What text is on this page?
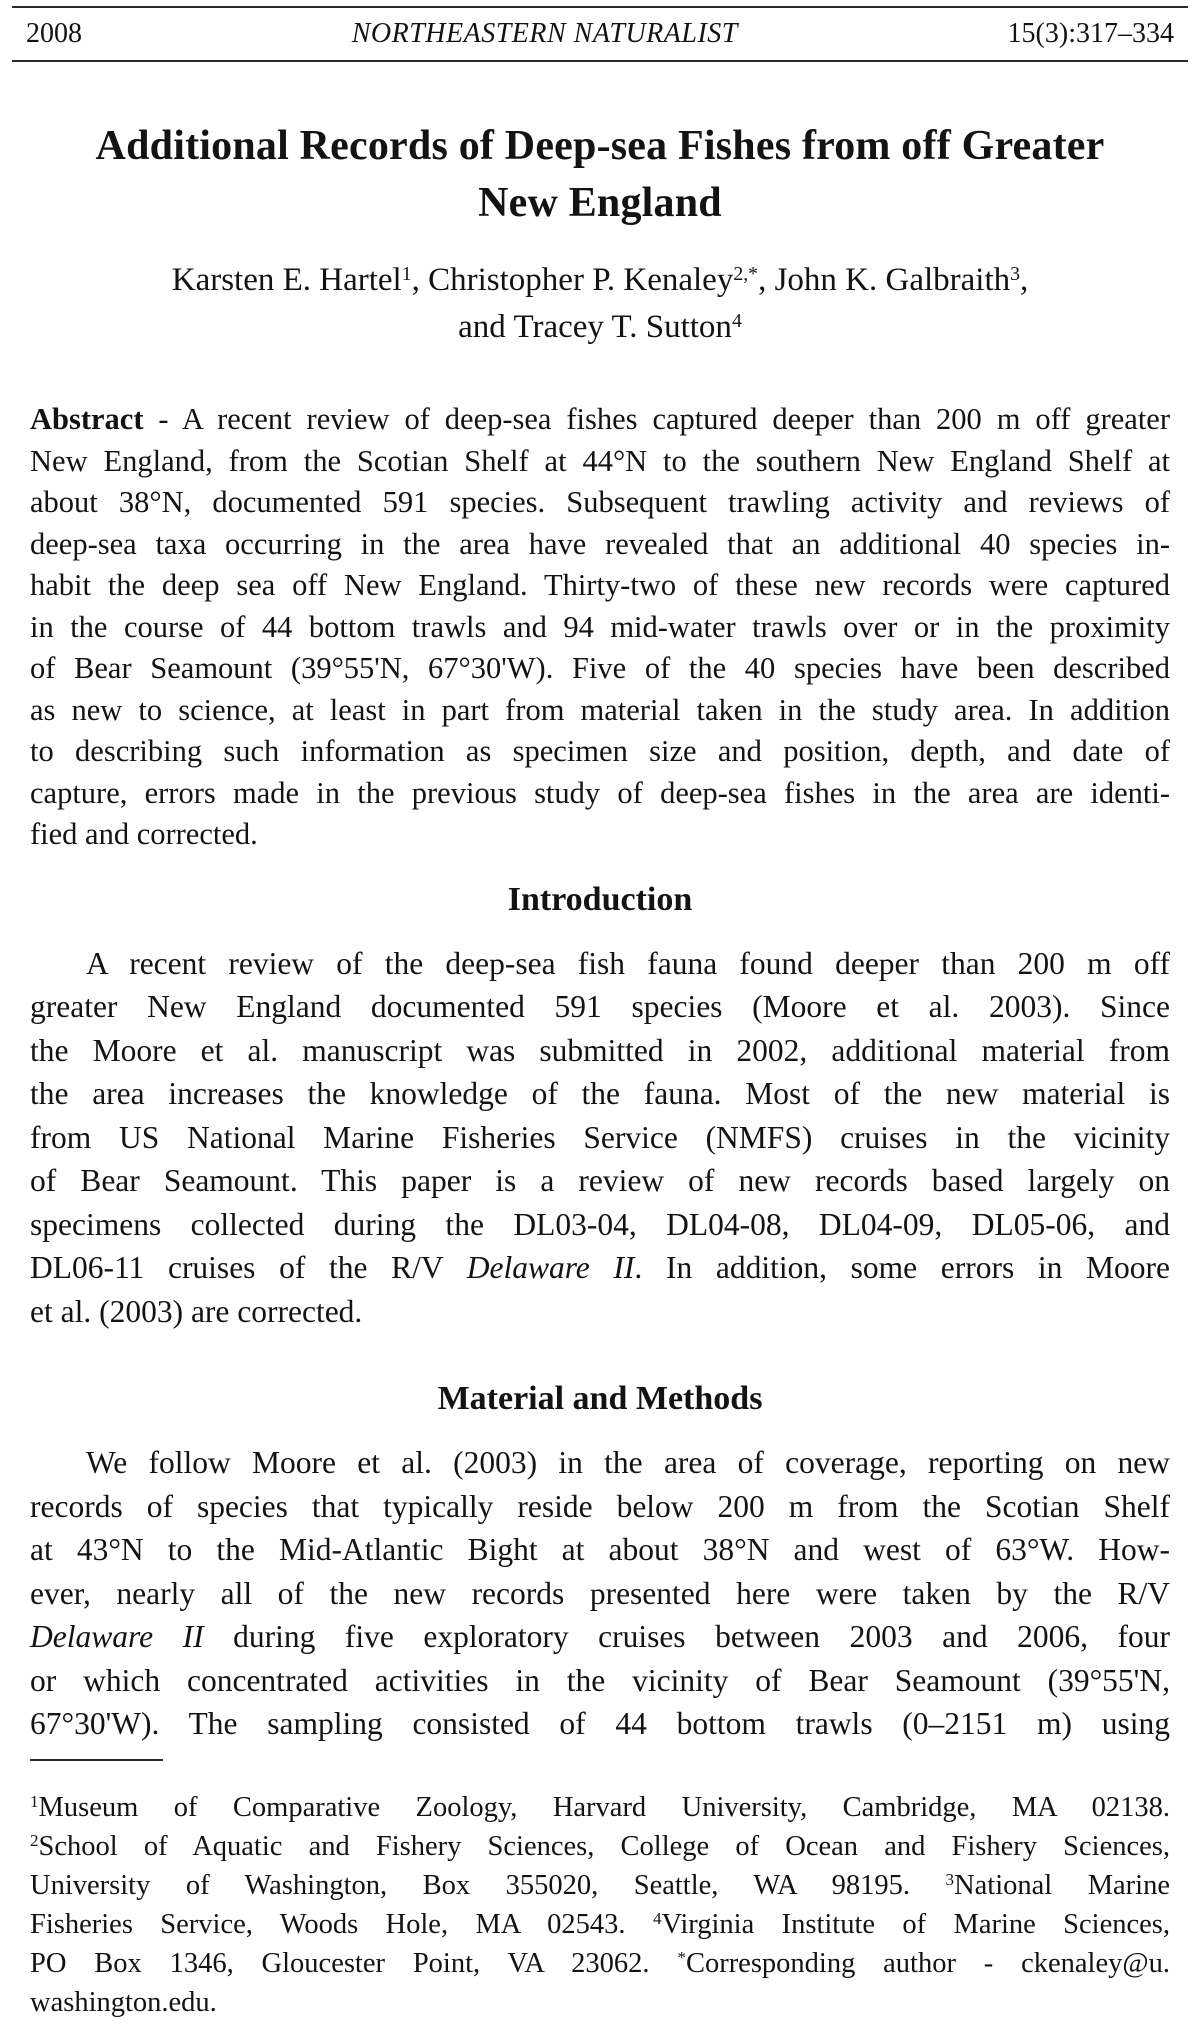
2008	NORTHEASTERN NATURALIST	15(3):317–334
Additional Records of Deep-sea Fishes from off Greater
New England
Karsten E. Hartel$^1$, Christopher P. Kenaley$^{2,*}$, John K. Galbraith$^3$,
and Tracey T. Sutton$^4$
Abstract - A recent review of deep-sea fishes captured deeper than 200 m off greater
New England, from the Scotian Shelf at 44°N to the southern New England Shelf at
about 38°N, documented 591 species. Subsequent trawling activity and reviews of
deep-sea taxa occurring in the area have revealed that an additional 40 species in-
habit the deep sea off New England. Thirty-two of these new records were captured
in the course of 44 bottom trawls and 94 mid-water trawls over or in the proximity
of Bear Seamount (39°55'N, 67°30'W). Five of the 40 species have been described
as new to science, at least in part from material taken in the study area. In addition
to describing such information as specimen size and position, depth, and date of
capture, errors made in the previous study of deep-sea fishes in the area are identi-
fied and corrected.
Introduction
A recent review of the deep-sea fish fauna found deeper than 200 m off
greater New England documented 591 species (Moore et al. 2003). Since
the Moore et al. manuscript was submitted in 2002, additional material from
the area increases the knowledge of the fauna. Most of the new material is
from US National Marine Fisheries Service (NMFS) cruises in the vicinity
of Bear Seamount. This paper is a review of new records based largely on
specimens collected during the DL03-04, DL04-08, DL04-09, DL05-06, and
DL06-11 cruises of the R/V Delaware II. In addition, some errors in Moore
et al. (2003) are corrected.
Material and Methods
We follow Moore et al. (2003) in the area of coverage, reporting on new
records of species that typically reside below 200 m from the Scotian Shelf
at 43°N to the Mid-Atlantic Bight at about 38°N and west of 63°W. How-
ever, nearly all of the new records presented here were taken by the R/V
Delaware II during five exploratory cruises between 2003 and 2006, four
or which concentrated activities in the vicinity of Bear Seamount (39°55'N,
67°30'W). The sampling consisted of 44 bottom trawls (0–2151 m) using
$^1$Museum of Comparative Zoology, Harvard University, Cambridge, MA 02138.
$^2$School of Aquatic and Fishery Sciences, College of Ocean and Fishery Sciences,
University of Washington, Box 355020, Seattle, WA 98195. $^3$National Marine
Fisheries Service, Woods Hole, MA 02543. $^4$Virginia Institute of Marine Sciences,
PO Box 1346, Gloucester Point, VA 23062. *Corresponding author - ckenaley@u.
washington.edu.
